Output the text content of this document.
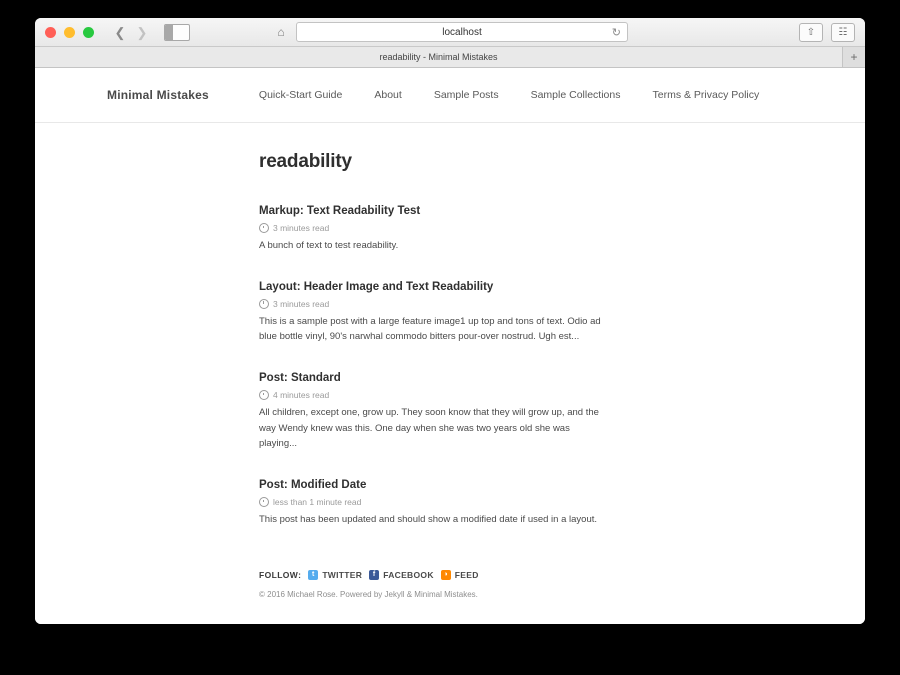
❮ ❯	⌂	localhost	↻	⇧	☷
readability - Minimal Mistakes	+
Minimal Mistakes	Quick-Start Guide	About	Sample Posts	Sample Collections	Terms & Privacy Policy
readability
Markup: Text Readability Test
3 minutes read

A bunch of text to test readability.

Layout: Header Image and Text Readability
3 minutes read

This is a sample post with a large feature image1 up top and tons of text. Odio ad blue bottle vinyl, 90's narwhal commodo bitters pour-over nostrud. Ugh est...

Post: Standard
4 minutes read

All children, except one, grow up. They soon know that they will grow up, and the way Wendy knew was this. One day when she was two years old she was playing...

Post: Modified Date
less than 1 minute read

This post has been updated and should show a modified date if used in a layout.

FOLLOW:	t TWITTER	f FACEBOOK	◑ FEED
© 2016 Michael Rose. Powered by Jekyll & Minimal Mistakes.
